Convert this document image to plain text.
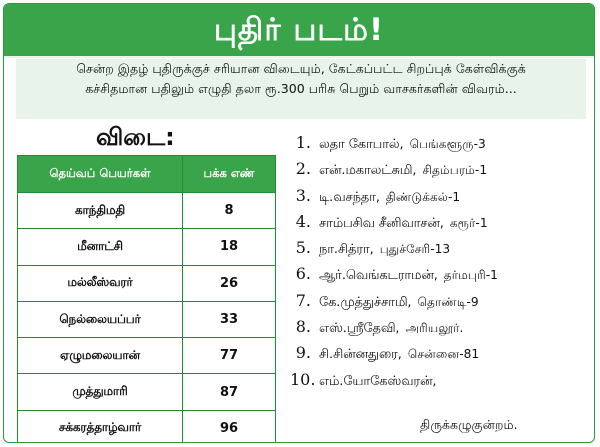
புதிர் படம்!
சென்ற இதழ் புதிருக்குச் சரியான விடையும், கேட்கப்பட்ட சிறப்புக் கேள்விக்குக்
கச்சிதமான பதிலும் எழுதி தலா ரூ.300 பரிசு பெறும் வாசகர்களின் விவரம்...
விடை:
தெய்வப் பெயர்கள்	பக்க எண்
காந்திமதி	8
மீனாட்சி	18
மல்லீஸ்வரர்	26
நெல்லையப்பர்	33
ஏழுமலையான்	77
முத்துமாரி	87
சக்கரத்தாழ்வார்	96
1. லதா கோபால், பெங்களூரு-3
2. என்.மகாலட்சுமி, சிதம்பரம்-1
3. டி.வசந்தா, திண்டுக்கல்-1
4. சாம்பசிவ சீனிவாசன், கரூர்-1
5. நா.சித்ரா, புதுச்சேரி-13
6. ஆர்.வெங்கடராமன், தர்மபுரி-1
7. கே.முத்துச்சாமி, தொண்டி-9
8. எஸ்.ஸ்ரீதேவி, அரியலூர்.
9. சி.சின்னதுரை, சென்னை-81
10. எம்.யோகேஸ்வரன்,
திருக்கழுகுன்றம்.
